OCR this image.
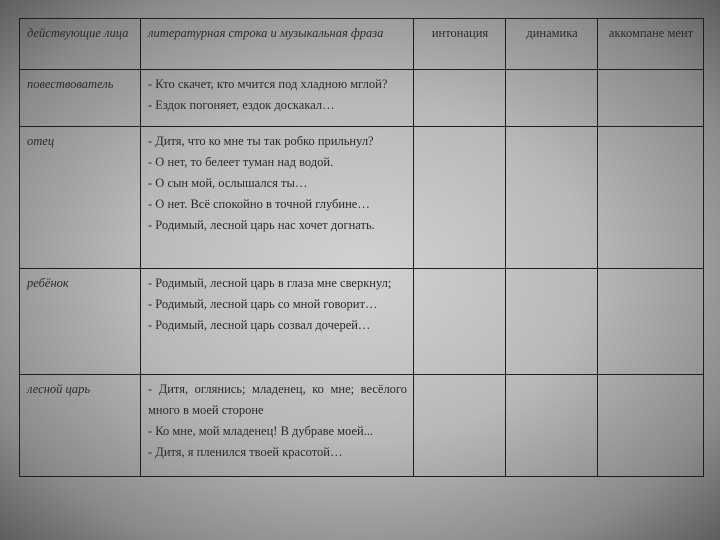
действующие лица	литературная строка и музыкальная фраза	интонация	динамика	аккомпане мент
повествователь	- Кто скачет, кто мчится под хладною мглой?
- Ездок погоняет, ездок доскакал…			

отец	- Дитя, что ко мне ты так робко прильнул?
- О нет, то белеет туман над водой.
- О сын мой, ослышался ты…
- О нет. Всё спокойно в точной глубине…
- Родимый, лесной царь нас хочет догнать.			

ребёнок	- Родимый, лесной царь в глаза мне сверкнул;
- Родимый, лесной царь со мной говорит…
- Родимый, лесной царь созвал дочерей…			

лесной царь	- Дитя, оглянись; младенец, ко мне; весёлого много в моей стороне
- Ко мне, мой младенец! В дубраве моей...
- Дитя, я пленился твоей красотой…			
